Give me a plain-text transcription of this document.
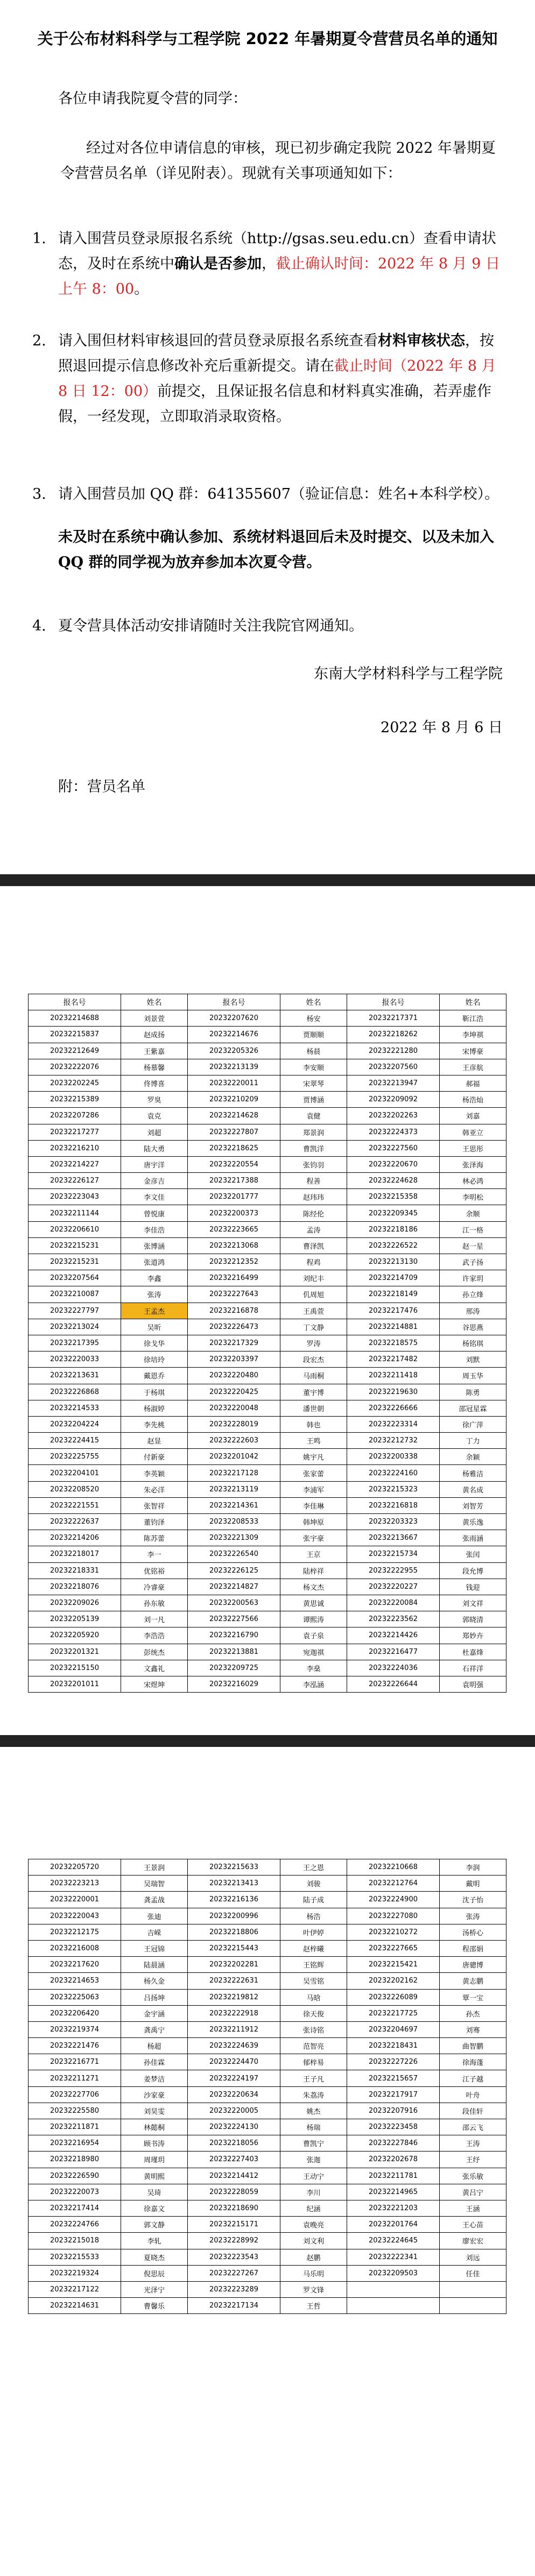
关于公布材料科学与工程学院 2022 年暑期夏令营营员名单的通知
各位申请我院夏令营的同学：
经过对各位申请信息的审核，现已初步确定我院 2022 年暑期夏令营营员名单（详见附表）。现就有关事项通知如下：
1. 请入围营员登录原报名系统（http://gsas.seu.edu.cn）查看申请状态，及时在系统中确认是否参加，截止确认时间：2022 年 8 月 9 日上午 8：00。
2. 请入围但材料审核退回的营员登录原报名系统查看材料审核状态，按照退回提示信息修改补充后重新提交。请在截止时间（2022 年 8 月 8 日 12：00）前提交，且保证报名信息和材料真实准确，若弄虚作假，一经发现，立即取消录取资格。
3. 请入围营员加 QQ 群：641355607（验证信息：姓名+本科学校）。
未及时在系统中确认参加、系统材料退回后未及时提交、以及未加入 QQ 群的同学视为放弃参加本次夏令营。
4. 夏令营具体活动安排请随时关注我院官网通知。
东南大学材料科学与工程学院
2022 年 8 月 6 日
附：营员名单
报名号	姓名	报名号	姓名	报名号	姓名
20232214688	刘景萱	20232207620	杨安	20232217371	靳江浩
20232215837	赵成扬	20232214676	贾顺顺	20232218262	李坤祺
20232212649	王紫嘉	20232205326	杨晨	20232221280	宋博豪
20232222076	杨慕馨	20232213139	李安顺	20232207560	王彦航
20232202245	佟博喜	20232220011	宋翠琴	20232213947	郝福
20232215389	罗臭	20232210209	贾博涵	20232209092	杨浩灿
20232207286	袁克	20232214628	袁健	20232202263	刘嘉
20232217277	刘超	20232227807	郑景润	20232224373	韩亚立
20232216210	陆大勇	20232218625	曹凯洋	20232227560	王思彤
20232214227	唐宇洋	20232220554	张钧羽	20232220670	张泽海
20232226127	金彦吉	20232217388	程善	20232224628	林必鸿
20232223043	李文佳	20232201777	赵玮玮	20232215358	李明松
20232211144	曾悦康	20232200373	陈经伦	20232209345	余顺
20232206610	李佳浩	20232223665	孟涛	20232218186	江一格
20232215231	张博涵	20232213068	曹泽凯	20232226522	赵一星
20232215231	张道鸿	20232212352	程鸡	20232213130	武子扬
20232207564	李鑫	20232216499	刘纪丰	20232214709	许家玥
20232210087	张涛	20232227643	仉周旭	20232218149	孙立烽
20232227797	王孟杰	20232216878	王禹萱	20232217476	邢涛
20232213024	吴昕	20232226473	丁文静	20232214881	谷思燕
20232217395	徐戈华	20232217329	罗涛	20232218575	杨铭琪
20232220033	徐培玲	20232203397	段宏杰	20232217482	刘默
20232213631	戴恩乔	20232220480	马雨桐	20232211418	周玉华
20232226868	于杨琪	20232220425	董宇博	20232219630	陈勇
20232214533	杨淑婷	20232220048	潘世朝	20232226666	邵冠星霖
20232204224	李先桃	20232228019	韩也	20232223314	徐广萍
20232224415	赵显	20232222603	王鸣	20232212732	丁力
20232225755	付新豪	20232201042	姚宇凡	20232200338	余颖
20232204101	李英颖	20232217128	张家蕾	20232224160	杨雅洁
20232208520	朱必洋	20232213119	李浦军	20232215323	黄名成
20232221551	张智祥	20232214361	李佳琳	20232216818	刘智芳
20232222637	董钧泽	20232208533	韩坤原	20232203323	黄乐逸
20232214206	陈苏蕾	20232221309	张宇豪	20232213667	张雨涵
20232218017	李一	20232226540	王京	20232215734	张闰
20232218331	优铭裕	20232226125	陆梓祥	20232222955	段允博
20232218076	冷睿豪	20232214827	杨文杰	20232220227	钱迎
20232209026	孙东敏	20232200563	黄思诚	20232220084	刘文祥
20232205139	刘一凡	20232227566	谭熙涛	20232223562	郭晓清
20232205920	李浩浩	20232216790	袁子泉	20232214426	郑妙卉
20232201321	彭统杰	20232213881	宛迦祺	20232216477	杜嘉烽
20232215150	文鑫礼	20232209725	李燊	20232224036	石祥洋
20232201011	宋煜坤	20232216029	李泓涵	20232226644	袁明强
20232205720	王景润	20232215633	王之恩	20232210668	李润
20232223213	吴瑞智	20232213413	刘骏	20232212764	戴明
20232220001	龚孟战	20232216136	陆子成	20232224900	沈子怡
20232220043	张迪	20232200996	杨浩	20232227080	张涛
20232212175	吉嵘	20232218806	叶伊婷	20232210272	汤桥心
20232216008	王冠锦	20232215443	赵梓曦	20232227665	程邵娟
20232217620	陆晨涵	20232202281	王铭辉	20232215421	唐骢博
20232214653	杨久金	20232222631	吴雪铭	20232202162	黄志鹏
20232225063	吕扬坤	20232219812	马晗	20232226089	覃一宝
20232206420	金宇涵	20232222918	徐天俊	20232217725	孙杰
20232219374	龚禹宁	20232211912	张诗铭	20232204697	刘骞
20232221476	杨超	20232224639	范智亮	20232218431	曲智鹏
20232216771	孙佳霖	20232224470	郁梓易	20232227226	徐海蓬
20232211271	姜梦洁	20232224197	王子凡	20232215657	江子越
20232227706	沙家豪	20232220634	朱荔涛	20232217917	叶舟
20232225580	刘昊雯	20232220005	姚杰	20232207916	段佳轩
20232211871	林懿桐	20232224130	杨瑞	20232223458	邵云飞
20232216954	顾书涛	20232218056	曹凯宁	20232227846	王涛
20232218980	周瑾玥	20232227403	张迦	20232202678	王纾
20232226590	黄明熙	20232214412	王动宁	20232211781	张乐敏
20232220073	吴琦	20232228059	李川	20232214965	黄吕宁
20232217414	徐嘉文	20232218690	纪涵	20232221203	王涵
20232224766	郭文静	20232215171	袁晚亮	20232201764	王心苗
20232215018	李轧	20232228992	刘文利	20232224645	廖宏宏
20232215533	夏晓杰	20232223543	赵鹏	20232222341	刘远
20232219324	倪思辰	20232227267	马乐明	20232209503	任佳
20232217122	光泽宁	20232223289	罗文锋		
20232214631	曹馨乐	20232217134	王哲		
